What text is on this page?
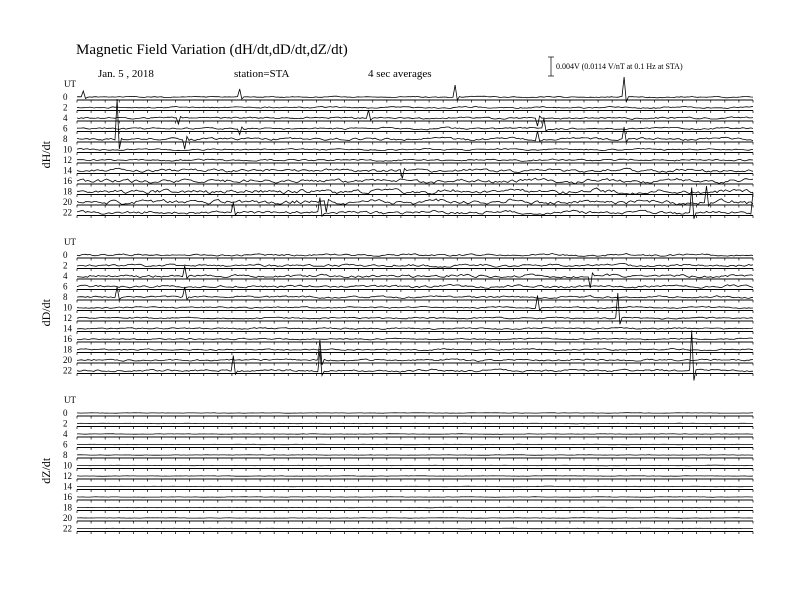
Magnetic Field Variation (dH/dt,dD/dt,dZ/dt)
Jan. 5 , 2018	station=STA	4 sec averages
0.004V (0.0114 V/nT at 0.1 Hz at STA)
UT
dH/dt
0
2
4
6
8
10
12
14
16
18
20
22
UT
dD/dt
0
2
4
6
8
10
12
14
16
18
20
22
UT
dZ/dt
0
2
4
6
8
10
12
14
16
18
20
22
